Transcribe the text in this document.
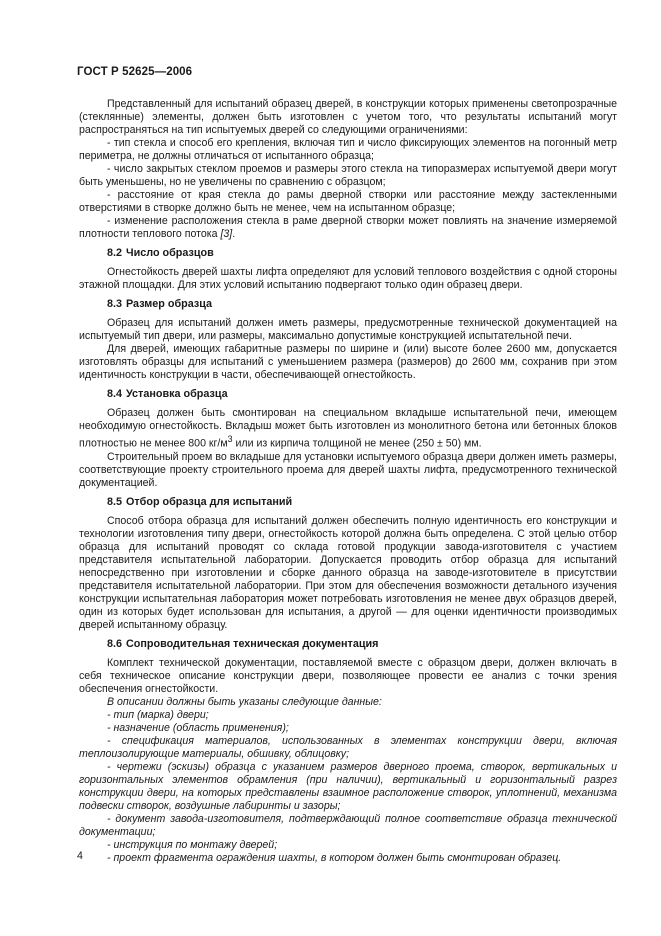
ГОСТ Р 52625—2006

Представленный для испытаний образец дверей, в конструкции которых применены светопрозрачные (стеклянные) элементы, должен быть изготовлен с учетом того, что результаты испытаний могут распространяться на тип испытуемых дверей со следующими ограничениями:

- тип стекла и способ его крепления, включая тип и число фиксирующих элементов на погонный метр периметра, не должны отличаться от испытанного образца;

- число закрытых стеклом проемов и размеры этого стекла на типоразмерах испытуемой двери могут быть уменьшены, но не увеличены по сравнению с образцом;

- расстояние от края стекла до рамы дверной створки или расстояние между застекленными отверстиями в створке должно быть не менее, чем на испытанном образце;

- изменение расположения стекла в раме дверной створки может повлиять на значение измеряемой плотности теплового потока [3].

8.2 Число образцов

Огнестойкость дверей шахты лифта определяют для условий теплового воздействия с одной стороны этажной площадки. Для этих условий испытанию подвергают только один образец двери.

8.3 Размер образца

Образец для испытаний должен иметь размеры, предусмотренные технической документацией на испытуемый тип двери, или размеры, максимально допустимые конструкцией испытательной печи.

Для дверей, имеющих габаритные размеры по ширине и (или) высоте более 2600 мм, допускается изготовлять образцы для испытаний с уменьшением размера (размеров) до 2600 мм, сохранив при этом идентичность конструкции в части, обеспечивающей огнестойкость.

8.4 Установка образца

Образец должен быть смонтирован на специальном вкладыше испытательной печи, имеющем необходимую огнестойкость. Вкладыш может быть изготовлен из монолитного бетона или бетонных блоков плотностью не менее 800 $кг/м^3$ или из кирпича толщиной не менее (250 ± 50) мм.

Строительный проем во вкладыше для установки испытуемого образца двери должен иметь размеры, соответствующие проекту строительного проема для дверей шахты лифта, предусмотренного технической документацией.

8.5 Отбор образца для испытаний

Способ отбора образца для испытаний должен обеспечить полную идентичность его конструкции и технологии изготовления типу двери, огнестойкость которой должна быть определена. С этой целью отбор образца для испытаний проводят со склада готовой продукции завода-изготовителя с участием представителя испытательной лаборатории. Допускается проводить отбор образца для испытаний непосредственно при изготовлении и сборке данного образца на заводе-изготовителе в присутствии представителя испытательной лаборатории. При этом для обеспечения возможности детального изучения конструкции испытательная лаборатория может потребовать изготовления не менее двух образцов дверей, один из которых будет использован для испытания, а другой — для оценки идентичности производимых дверей испытанному образцу.

8.6 Сопроводительная техническая документация

Комплект технической документации, поставляемой вместе с образцом двери, должен включать в себя техническое описание конструкции двери, позволяющее провести ее анализ с точки зрения обеспечения огнестойкости.

В описании должны быть указаны следующие данные:

- тип (марка) двери;

- назначение (область применения);

- спецификация материалов, использованных в элементах конструкции двери, включая теплоизолирующие материалы, обшивку, облицовку;

- чертежи (эскизы) образца с указанием размеров дверного проема, створок, вертикальных и горизонтальных элементов обрамления (при наличии), вертикальный и горизонтальный разрез конструкции двери, на которых представлены взаимное расположение створок, уплотнений, механизма подвески створок, воздушные лабиринты и зазоры;

- документ завода-изготовителя, подтверждающий полное соответствие образца технической документации;

- инструкция по монтажу дверей;

- проект фрагмента ограждения шахты, в котором должен быть смонтирован образец.

4
